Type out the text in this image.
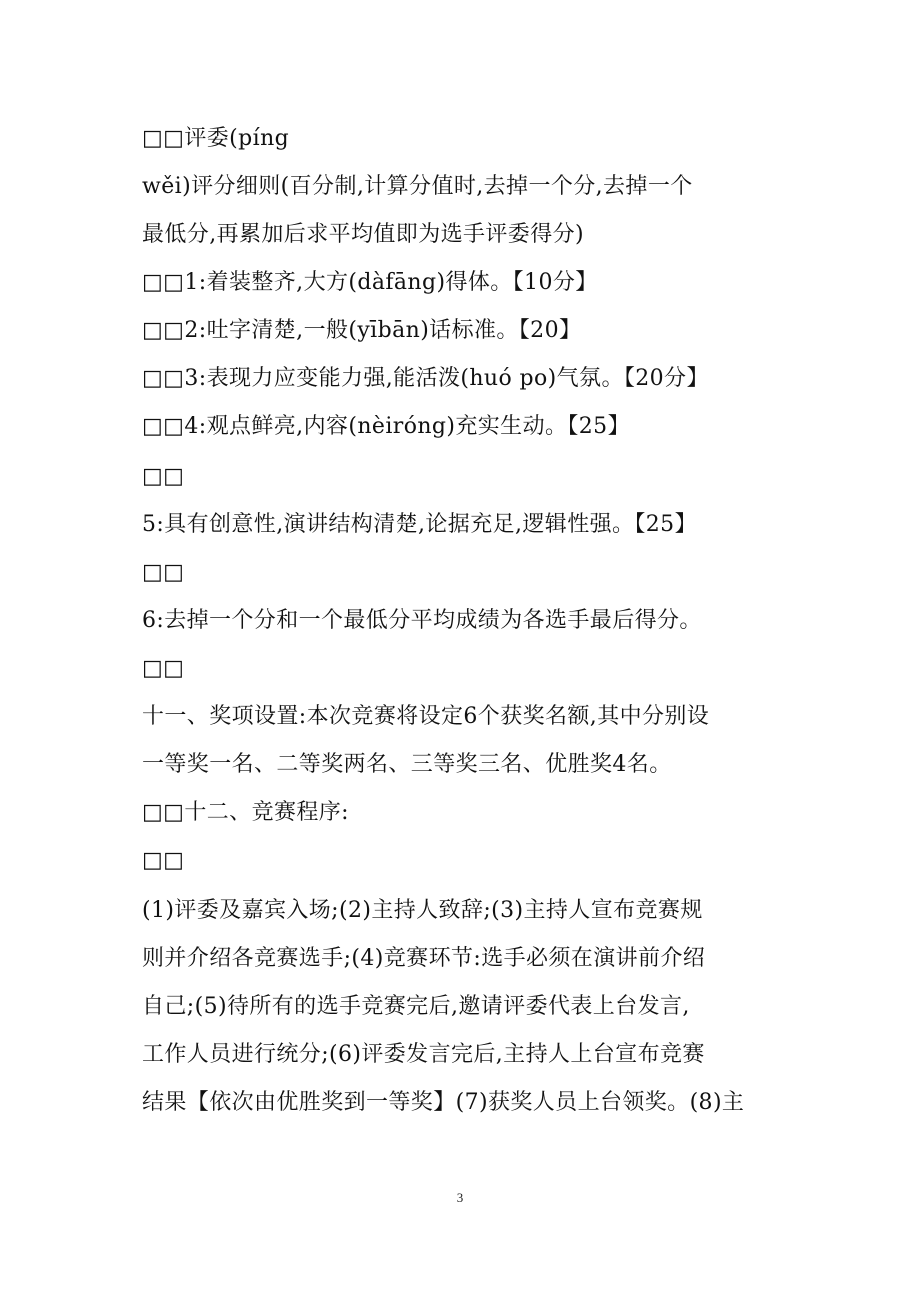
□□评委(píng
wěi)评分细则(百分制,计算分值时,去掉一个分,去掉一个
最低分,再累加后求平均值即为选手评委得分)
□□1:着装整齐,大方(dàfāng)得体。【10分】
□□2:吐字清楚,一般(yībān)话标准。【20】
□□3:表现力应变能力强,能活泼(huó po)气氛。【20分】
□□4:观点鲜亮,内容(nèiróng)充实生动。【25】
□□
5:具有创意性,演讲结构清楚,论据充足,逻辑性强。【25】
□□
6:去掉一个分和一个最低分平均成绩为各选手最后得分。
□□
十一、奖项设置:本次竞赛将设定6个获奖名额,其中分别设
一等奖一名、二等奖两名、三等奖三名、优胜奖4名。
□□十二、竞赛程序:
□□
(1)评委及嘉宾入场;(2)主持人致辞;(3)主持人宣布竞赛规
则并介绍各竞赛选手;(4)竞赛环节:选手必须在演讲前介绍
自己;(5)待所有的选手竞赛完后,邀请评委代表上台发言,
工作人员进行统分;(6)评委发言完后,主持人上台宣布竞赛
结果【依次由优胜奖到一等奖】(7)获奖人员上台领奖。(8)主
3
